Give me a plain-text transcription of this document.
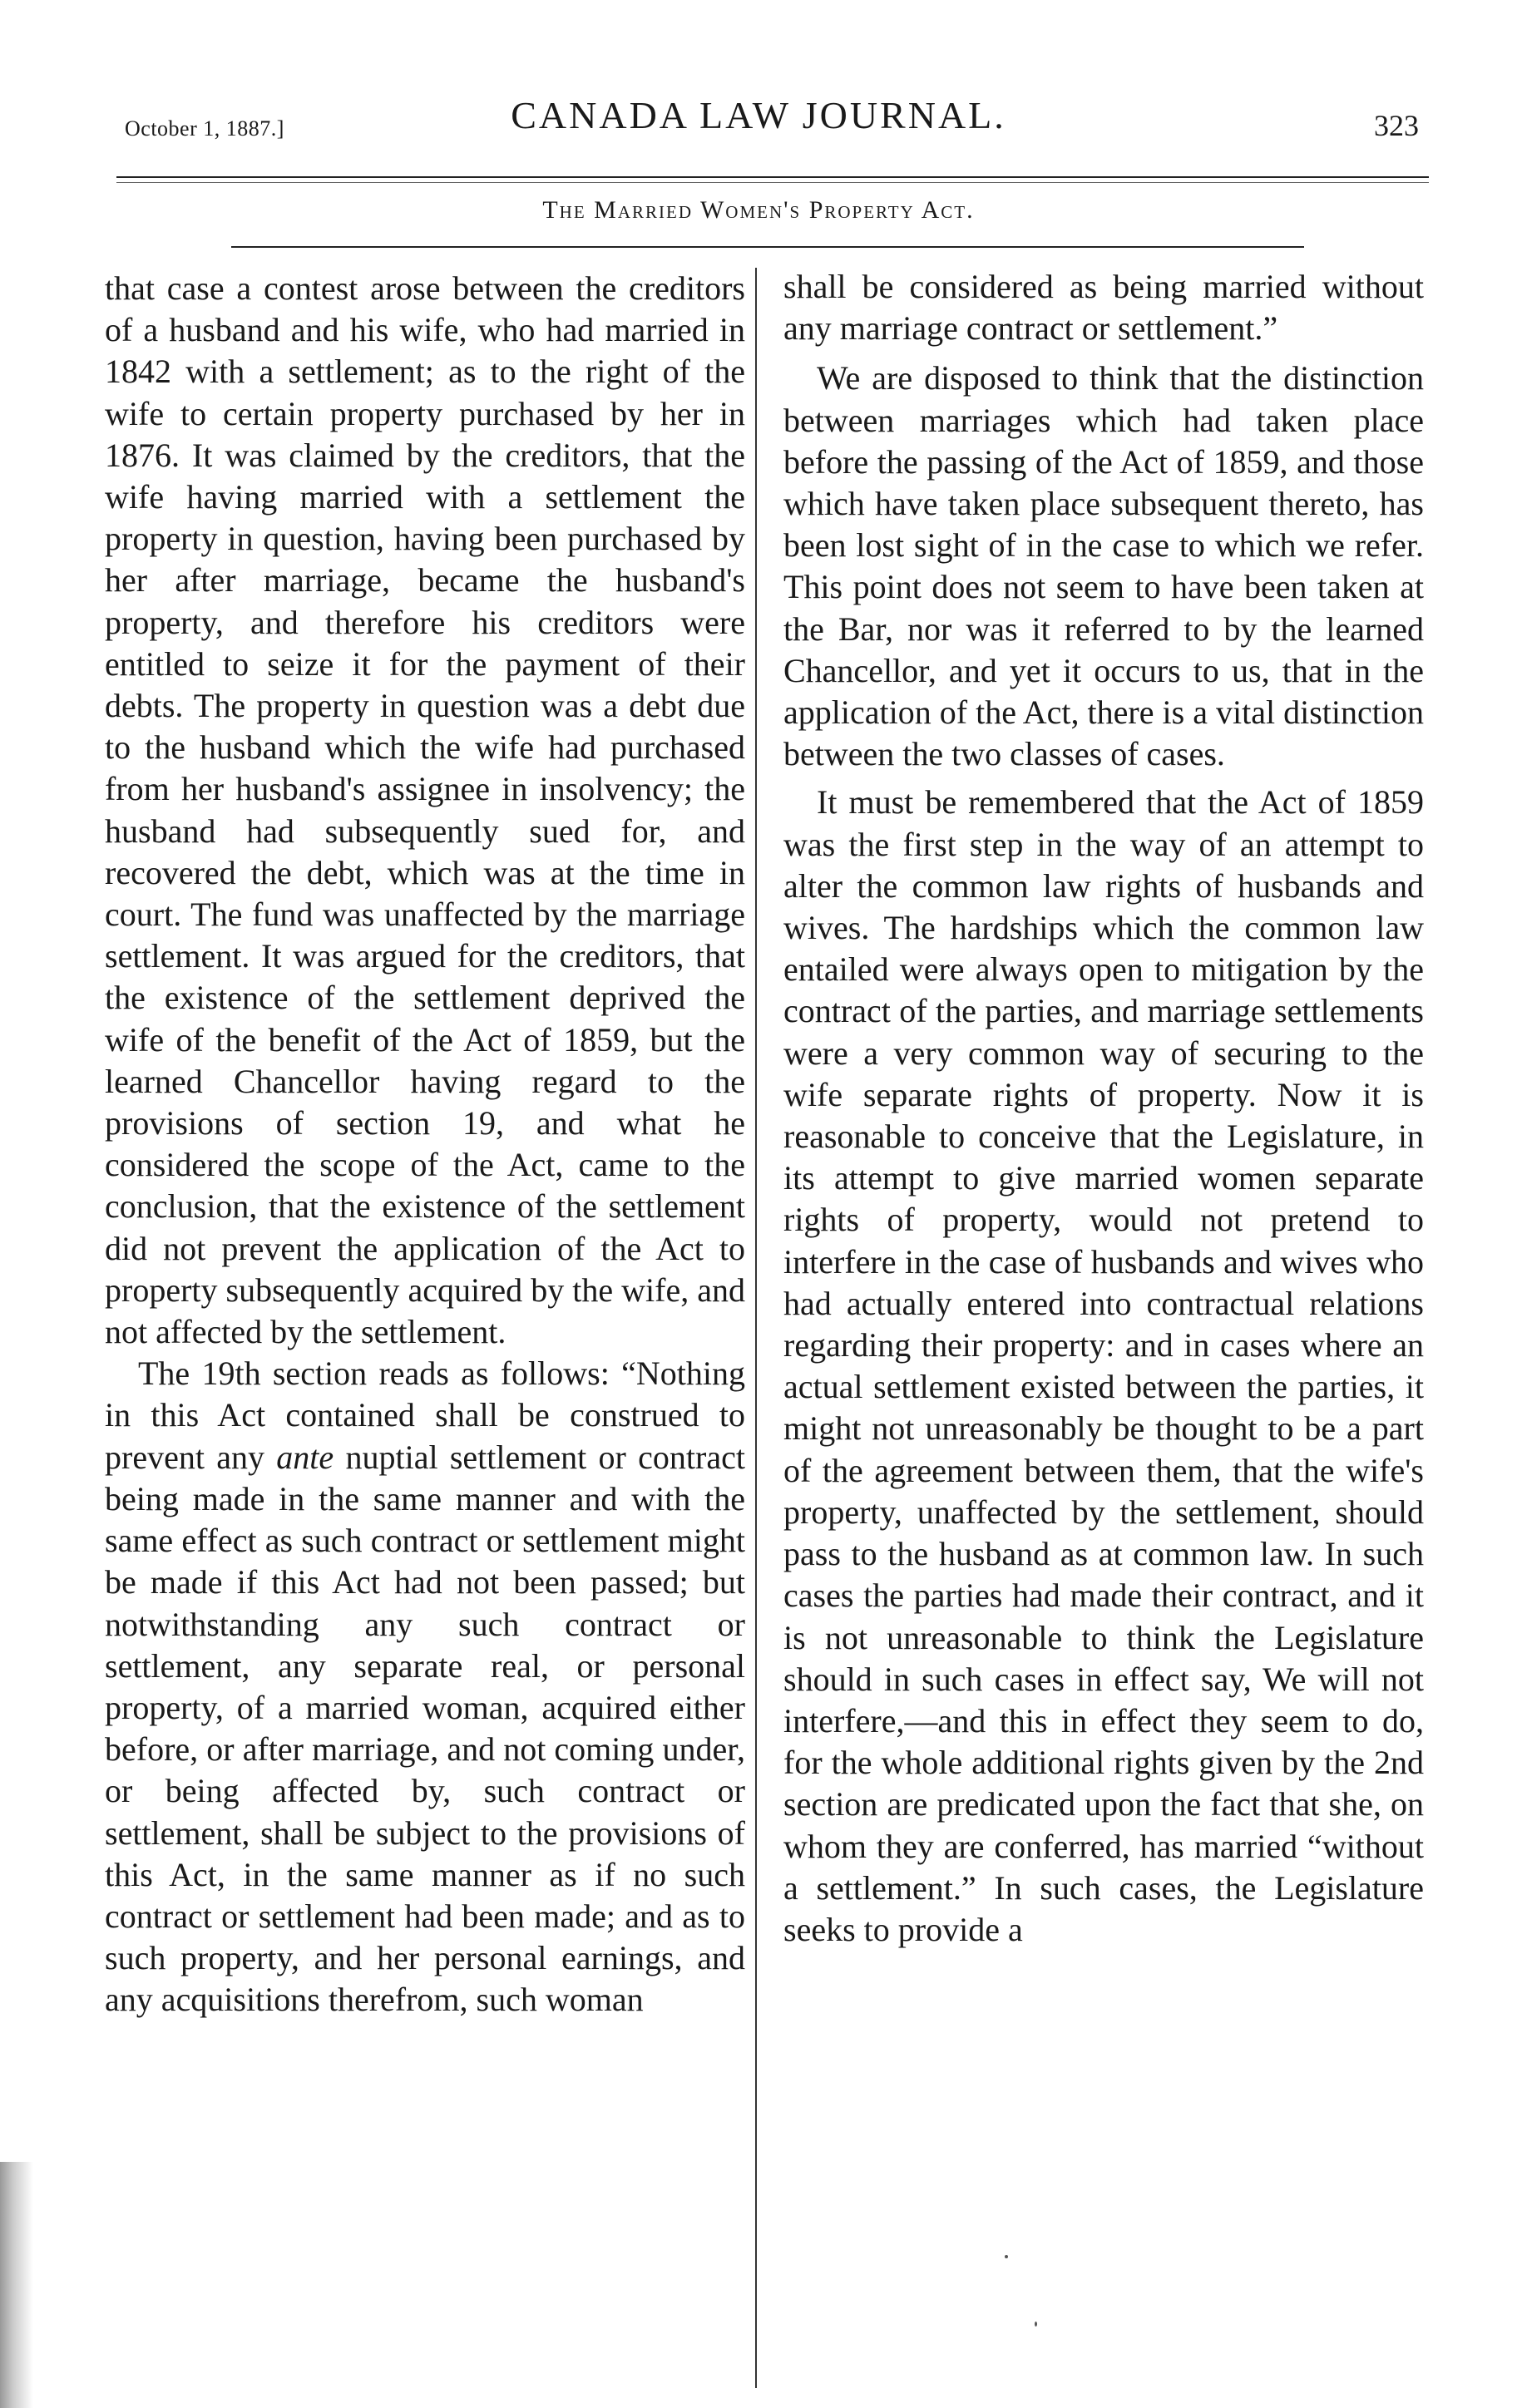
October 1, 1887.]	CANADA LAW JOURNAL.	323
The Married Women's Property Act.

that case a contest arose between the creditors of a husband and his wife, who had married in 1842 with a settlement; as to the right of the wife to certain property purchased by her in 1876. It was claimed by the creditors, that the wife having married with a settlement the property in question, having been purchased by her after marriage, became the husband's property, and therefore his creditors were entitled to seize it for the payment of their debts. The property in question was a debt due to the husband which the wife had purchased from her husband's assignee in insolvency; the husband had subsequently sued for, and recovered the debt, which was at the time in court. The fund was unaffected by the marriage settlement. It was argued for the creditors, that the existence of the settlement deprived the wife of the benefit of the Act of 1859, but the learned Chancellor having regard to the provisions of section 19, and what he considered the scope of the Act, came to the conclusion, that the existence of the settlement did not prevent the application of the Act to property subsequently acquired by the wife, and not affected by the settlement.

The 19th section reads as follows: “Nothing in this Act contained shall be construed to prevent any ante nuptial settlement or contract being made in the same manner and with the same effect as such contract or settlement might be made if this Act had not been passed; but notwithstanding any such contract or settlement, any separate real, or personal property, of a married woman, acquired either before, or after marriage, and not coming under, or being affected by, such contract or settlement, shall be subject to the provisions of this Act, in the same manner as if no such contract or settlement had been made; and as to such property, and her personal earnings, and any acquisitions therefrom, such woman

shall be considered as being married without any marriage contract or settlement.”

We are disposed to think that the distinction between marriages which had taken place before the passing of the Act of 1859, and those which have taken place subsequent thereto, has been lost sight of in the case to which we refer. This point does not seem to have been taken at the Bar, nor was it referred to by the learned Chancellor, and yet it occurs to us, that in the application of the Act, there is a vital distinction between the two classes of cases.

It must be remembered that the Act of 1859 was the first step in the way of an attempt to alter the common law rights of husbands and wives. The hardships which the common law entailed were always open to mitigation by the contract of the parties, and marriage settlements were a very common way of securing to the wife separate rights of property. Now it is reasonable to conceive that the Legislature, in its attempt to give married women separate rights of property, would not pretend to interfere in the case of husbands and wives who had actually entered into contractual relations regarding their property: and in cases where an actual settlement existed between the parties, it might not unreasonably be thought to be a part of the agreement between them, that the wife's property, unaffected by the settlement, should pass to the husband as at common law. In such cases the parties had made their contract, and it is not unreasonable to think the Legislature should in such cases in effect say, We will not interfere,—and this in effect they seem to do, for the whole additional rights given by the 2nd section are predicated upon the fact that she, on whom they are conferred, has married “without a settlement.” In such cases, the Legislature seeks to provide a
